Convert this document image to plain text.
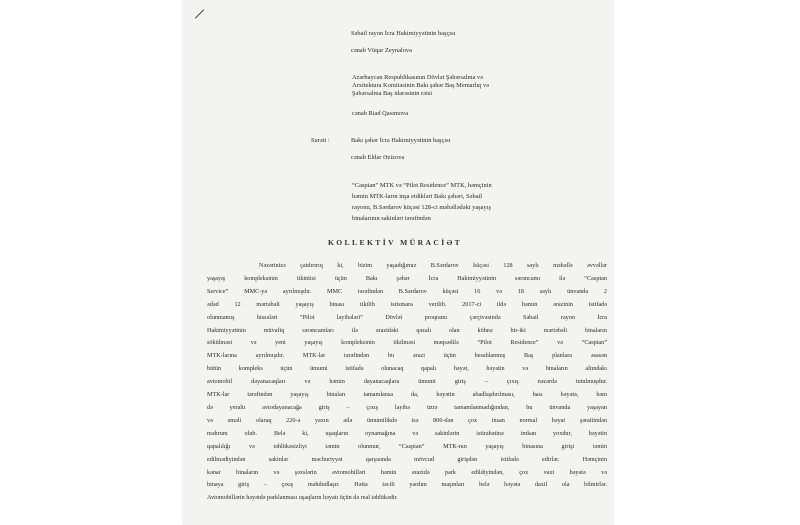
Səbail rayon İcra Hakimiyyətinin başçısı
cənab Vüqar Zeynalova
Azərbaycan Respublikasının Dövlət Şəhərsalma və
Arxitektura Komitəsinin Bakı şəhər Baş Memarlıq və
Şəhərsalma Baş idarəsinin rəisi
cənab Riad Qasımova
Surəti :	Bakı şəhər İcra Hakimiyyətinin başçısı
cənab Eldar Əzizova
“Caspian” MTK və “Pilot Residence” MTK, həmçinin
həmin MTK-ların inşa etdikləri Bakı şəhəri, Səbail
rayonu, B.Sərdarov küçəsi 128-ci məhəllədəki yaşayış
binalarının sakinləri tərəfindən
KOLLEKTİV MÜRACİƏT
Nəzərinizə çatdırırıq ki, bizim yaşadığımız B.Sərdarov küçəsi 128 saylı məhəllə əvvəllər
yaşayış kompleksinin tikintisi üçün Bakı şəhər İcra Hakimiyyətinin sərəncamı ilə “Caspian
Service” MMC-yə ayrılmışdır. MMC tərəfindən B.Sərdarov küçəsi 16 və 18 saylı ünvanda 2
ədəd 12 mərtəbəli yaşayış binası tikilib istismara verilib. 2017-ci ildə həmin ərazinin istifadə
olunmamış hissələri “Pilot layihələri” Dövlət proqramı çərçivəsində Səbail rayon İcra
Hakimiyyətinin müvafiq sərəncamları ilə ərazidəki qəzalı olan köhnə bir-iki mərtəbəli binaların
sökülməsi və yeni yaşayış kompleksinin tikilməsi məqsədilə “Pilot Residence” və “Caspian”
MTK-larına ayrılmışdır. MTK-lar tərəfindən bu ərazi üçün hesablanmış Baş planlara əsasən
bütün kompleks üçün ümumi istifadə olunacaq qapalı həyət, həyətin və binaların altındakı
avtomobil dayanacaqları və həmin dayanacaqlara ümumi giriş – çıxış nəzərdə tutulmuşdur.
MTK-lar tərəfindən yaşayış binaları tamamlansa da, həyətin abadlaşdırılması, hası həyətə, həm
də yeraltı avtodayanacağa giriş – çıxış layihə üzrə tamamlanmadığından, bu ünvanda yaşayan
və əməli olaraq 220-ə yaxın ailə ümumilikdə isə 800-dən çox insan normal həyat şəraitindən
məhrum olub. Belə ki, uşaqların oynamağına və sakinlərin istirahətinə imkan yoxdur, həyətin
qapalılığı və təhlükəsizliyi təmin olunmur, “Caspian” MTK-nın yaşayış binasına girişi təmin
edilmədiyindən sakinlər məcburiyyət qarşısında mövcud girişdən istifadə edirlər. Həmçinin
kənar binaların və şəxslərin avtomobilləri həmin ərazidə park edildiyindən, çox vaxt həyətə və
binaya giriş – çıxış məhdudlaşır. Hətta təcili yardım maşınları belə həyətə daxil ola bilmirlər.
Avtomobillərin həyətdə parklanması uşaqların həyatı üçün də real təhlükədir.
